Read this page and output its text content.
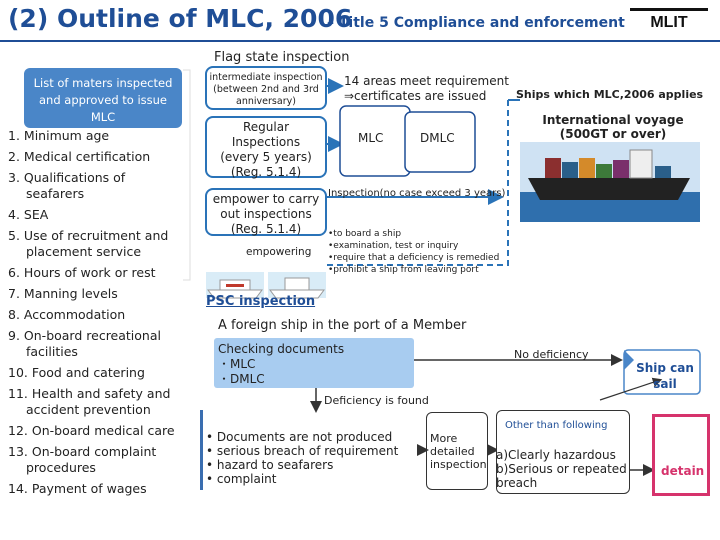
(2) Outline of MLC, 2006
– Title 5 Compliance and enforcement MLIT
Flag state inspection
List of maters inspected and approved to issue MLC
1. Minimum age
2. Medical certification
3. Qualifications of
seafarers
4. SEA
5. Use of recruitment and
placement service
6. Hours of work or rest
7. Manning levels
8. Accommodation
9. On-board recreational
facilities
10. Food and catering
11. Health and safety and
accident prevention
12. On-board medical care
13. On-board complaint
procedures
14. Payment of wages
intermediate inspection (between 2nd and 3rd anniversary)
Regular
Inspections
(every 5 years)
(Reg. 5.1.4)
empower to carry
out inspections
(Reg. 5.1.4)
empowering
14 areas meet requirement
⇒certificates are issued	Ships which MLC,2006 applies
International voyage
(500GT or over)
MLC	DMLC
Inspection(no case exceed 3 years)
•to board a ship
•examination, test or inquiry
•require that a deficiency is remedied
•prohibit a ship from leaving port
PSC inspection
A foreign ship in the port of a Member
Checking documents
・MLC
・DMLC
No deficiency
Ship can
sail
Deficiency is found
• Documents are not produced
• serious breach of requirement
• hazard to seafarers
• complaint
More
detailed
inspection
Other than following
a)Clearly hazardous
b)Serious or repeated
breach
detain
